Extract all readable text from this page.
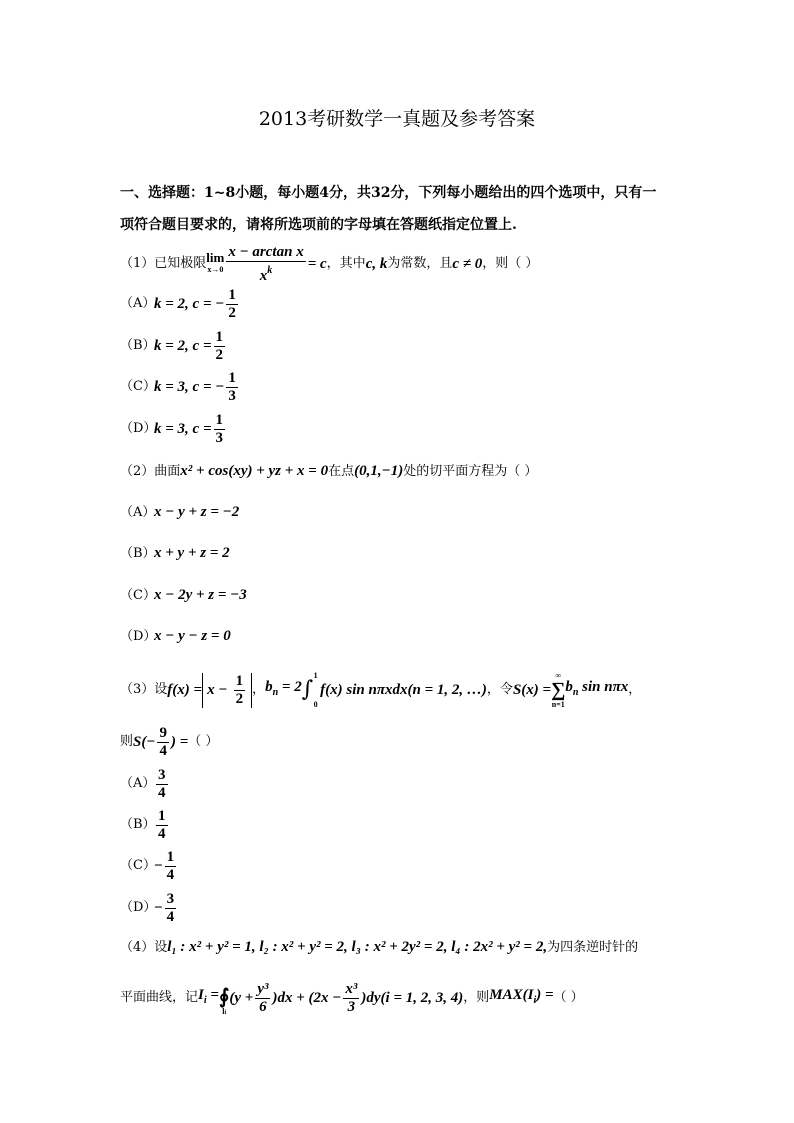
2013考研数学一真题及参考答案
一、选择题：1~8小题，每小题4分，共32分，下列每小题给出的四个选项中，只有一
项符合题目要求的，请将所选项前的字母填在答题纸指定位置上.
（1）已知极限 lim
$x\to 0 \frac{\text{x − arctan x}}{x^k} = c$ ，其中 c, k 为常数，且 c ≠ 0 ，则（ ）
（A）
k = 2, c = − $\frac{1}{2}$
（B）
k = 2, $c = \frac{1}{2}$
（C）
k = 3, c = − $\frac{1}{3}$
（D）
k = 3, $c = \frac{1}{3}$
（2）曲面x² + cos(xy) + yz + x = 0在点(0,1,−1)处的切平面方程为（ ）
（A）x − y + z = −2
（B）x + y + z = 2
（C）x − 2y + z = −3
（D）x − y − z = 0
（3）设 $f(x) = x - \frac{1}{2}$ ， $b_n = 2$ ∫
1

0
f(x) sin nπxdx(n = 1, 2, …) ，令 S(x) =
∞
∑
n=1
$b_n$ sin nπx ，
则 $S(- \frac{9}{4}$ ) = （ ）
$(A) \frac{3}{4}$
$(B) \frac{1}{4}$
（C）
− $\frac{1}{4}$
（D）
− $\frac{3}{4}$
（4）设l₁ : x² + y² = 1, l₂ : x² + y² = 2, l₃ : x² + 2y² = 2, l₄ : 2x² + y² = 2,为四条逆时针的
平面曲线，记 $I_i$ =
∮
li
$(y + \frac{\text{y³}}{6} )dx + (2x - \frac{\text{x³}}{3} )dy(i = 1$, 2, 3, 4) ，则 $MAX(I_i)$ = （ ）
